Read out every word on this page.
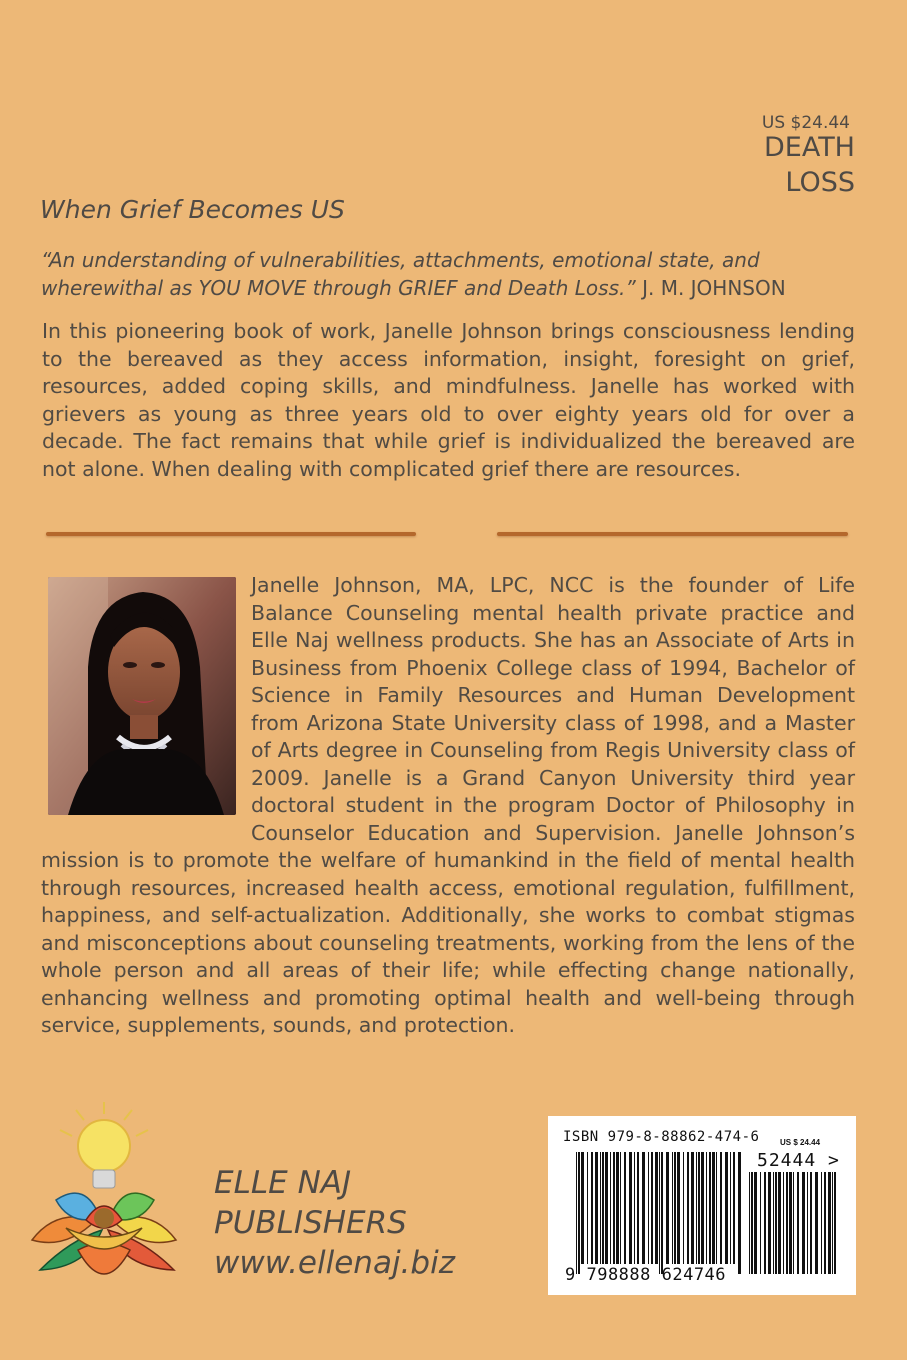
US $24.44
DEATH
LOSS
When Grief Becomes US
“An understanding of vulnerabilities, attachments, emotional state, and wherewithal as YOU MOVE through GRIEF and Death Loss.” J. M. JOHNSON
In this pioneering book of work, Janelle Johnson brings consciousness lending to the bereaved as they access information, insight, foresight on grief, resources, added coping skills, and mindfulness. Janelle has worked with grievers as young as three years old to over eighty years old for over a decade. The fact remains that while grief is individualized the bereaved are not alone. When dealing with complicated grief there are resources.
Janelle Johnson, MA, LPC, NCC is the founder of Life Balance Counseling mental health private practice and Elle Naj wellness products. She has an Associate of Arts in Business from Phoenix College class of 1994, Bachelor of Science in Family Resources and Human Development from Arizona State University class of 1998, and a Master of Arts degree in Counseling from Regis University class of 2009. Janelle is a Grand Canyon University third year doctoral student in the program Doctor of Philosophy in Counselor Education and Supervision. Janelle Johnson’s mission is to promote the welfare of humankind in the field of mental health through resources, increased health access, emotional regulation, fulfillment, happiness, and self-actualization. Additionally, she works to combat stigmas and misconceptions about counseling treatments, working from the lens of the whole person and all areas of their life; while effecting change nationally, enhancing wellness and promoting optimal health and well-being through service, supplements, sounds, and protection.
ELLE NAJ
PUBLISHERS
www.ellenaj.biz
ISBN 979-8-88862-474-6	US $ 24.44
52444 >
9 798888 624746
